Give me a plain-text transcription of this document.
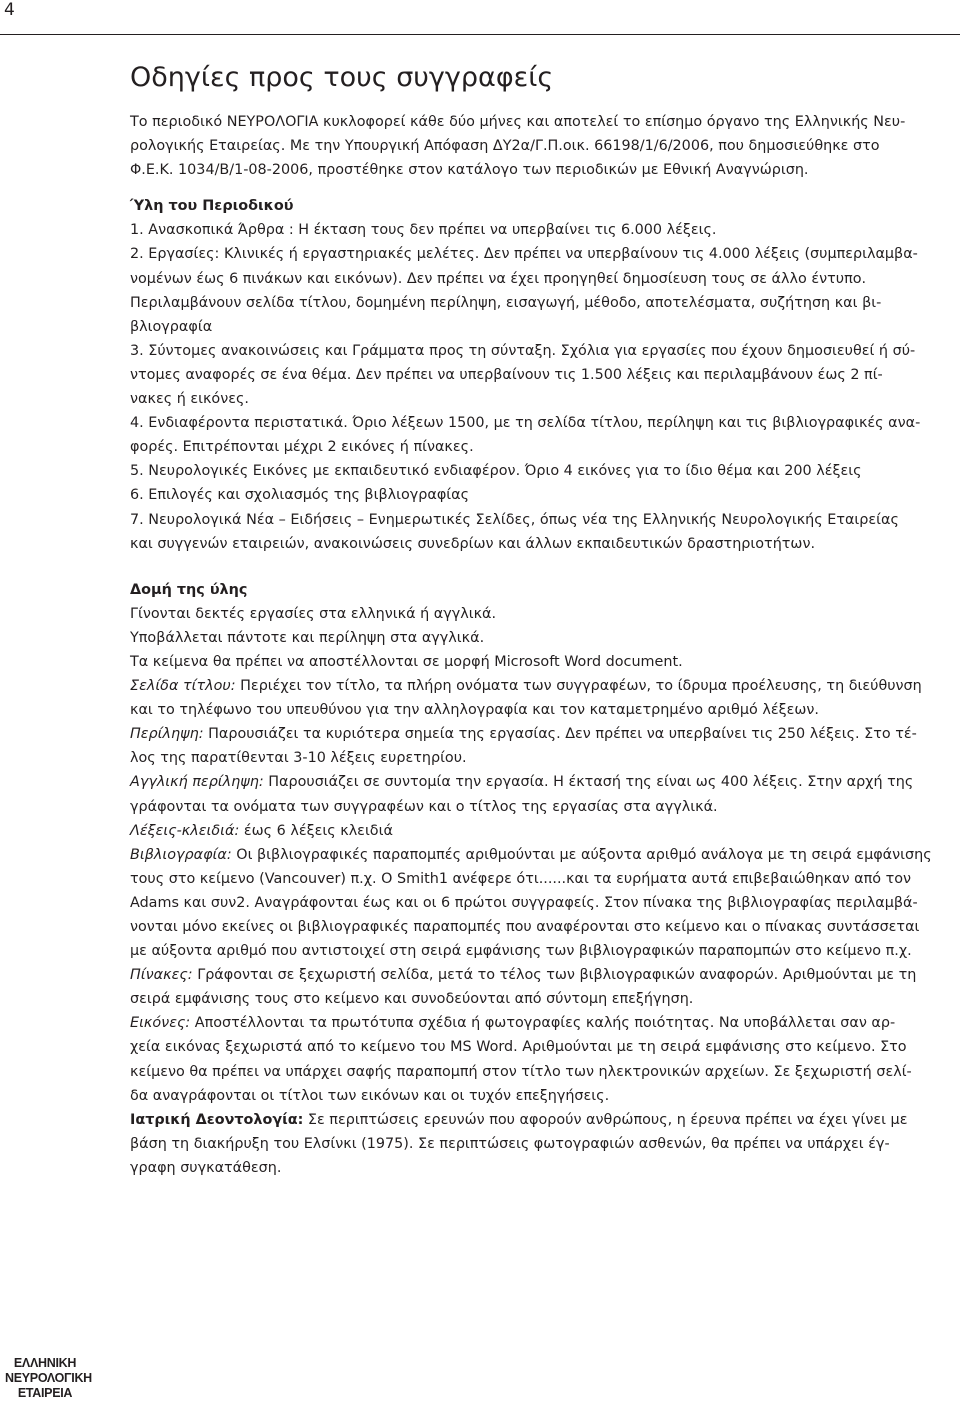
4
Οδηγίες προς τους συγγραφείς

Το περιοδικό ΝΕΥΡΟΛΟΓΙΑ κυκλοφορεί κάθε δύο μήνες και αποτελεί το επίσημο όργανο της Ελληνικής Νευ-
ρολογικής Εταιρείας. Με την Υπουργική Απόφαση ΔΥ2α/Γ.Π.οικ. 66198/1/6/2006, που δημοσιεύθηκε στο
Φ.Ε.Κ. 1034/Β/1-08-2006, προστέθηκε στον κατάλογο των περιοδικών με Εθνική Αναγνώριση.

Ύλη του Περιοδικού
1. Ανασκοπικά Άρθρα : Η έκταση τους δεν πρέπει να υπερβαίνει τις 6.000 λέξεις.
2. Εργασίες: Κλινικές ή εργαστηριακές μελέτες. Δεν πρέπει να υπερβαίνουν τις 4.000 λέξεις (συμπεριλαμβα-
νομένων έως 6 πινάκων και εικόνων). Δεν πρέπει να έχει προηγηθεί δημοσίευση τους σε άλλο έντυπο.
Περιλαμβάνουν σελίδα τίτλου, δομημένη περίληψη, εισαγωγή, μέθοδο, αποτελέσματα, συζήτηση και βι-
βλιογραφία
3. Σύντομες ανακοινώσεις και Γράμματα προς τη σύνταξη. Σχόλια για εργασίες που έχουν δημοσιευθεί ή σύ-
ντομες αναφορές σε ένα θέμα. Δεν πρέπει να υπερβαίνουν τις 1.500 λέξεις και περιλαμβάνουν έως 2 πί-
νακες ή εικόνες.
4. Ενδιαφέροντα περιστατικά. Όριο λέξεων 1500, με τη σελίδα τίτλου, περίληψη και τις βιβλιογραφικές ανα-
φορές. Επιτρέπονται μέχρι 2 εικόνες ή πίνακες.
5. Νευρολογικές Εικόνες με εκπαιδευτικό ενδιαφέρον. Όριο 4 εικόνες για το ίδιο θέμα και 200 λέξεις
6. Επιλογές και σχολιασμός της βιβλιογραφίας
7. Νευρολογικά Νέα – Ειδήσεις – Ενημερωτικές Σελίδες, όπως νέα της Ελληνικής Νευρολογικής Εταιρείας
και συγγενών εταιρειών, ανακοινώσεις συνεδρίων και άλλων εκπαιδευτικών δραστηριοτήτων.

Δομή της ύλης
Γίνονται δεκτές εργασίες στα ελληνικά ή αγγλικά.
Υποβάλλεται πάντοτε και περίληψη στα αγγλικά.
Τα κείμενα θα πρέπει να αποστέλλονται σε μορφή Microsoft Word document.
Σελίδα τίτλου: Περιέχει τον τίτλο, τα πλήρη ονόματα των συγγραφέων, το ίδρυμα προέλευσης, τη διεύθυνση
και το τηλέφωνο του υπευθύνου για την αλληλογραφία και τον καταμετρημένο αριθμό λέξεων.
Περίληψη: Παρουσιάζει τα κυριότερα σημεία της εργασίας. Δεν πρέπει να υπερβαίνει τις 250 λέξεις. Στο τέ-
λος της παρατίθενται 3-10 λέξεις ευρετηρίου.
Αγγλική περίληψη: Παρουσιάζει σε συντομία την εργασία. Η έκτασή της είναι ως 400 λέξεις. Στην αρχή της
γράφονται τα ονόματα των συγγραφέων και ο τίτλος της εργασίας στα αγγλικά.
Λέξεις-κλειδιά: έως 6 λέξεις κλειδιά
Βιβλιογραφία: Οι βιβλιογραφικές παραπομπές αριθμούνται με αύξοντα αριθμό ανάλογα με τη σειρά εμφάνισης
τους στο κείμενο (Vancouver) π.χ. Ο Smith1 ανέφερε ότι......και τα ευρήματα αυτά επιβεβαιώθηκαν από τον
Adams και συν2. Αναγράφονται έως και οι 6 πρώτοι συγγραφείς. Στον πίνακα της βιβλιογραφίας περιλαμβά-
νονται μόνο εκείνες οι βιβλιογραφικές παραπομπές που αναφέρονται στο κείμενο και ο πίνακας συντάσσεται
με αύξοντα αριθμό που αντιστοιχεί στη σειρά εμφάνισης των βιβλιογραφικών παραπομπών στο κείμενο π.χ.
Πίνακες: Γράφονται σε ξεχωριστή σελίδα, μετά το τέλος των βιβλιογραφικών αναφορών. Αριθμούνται με τη
σειρά εμφάνισης τους στο κείμενο και συνοδεύονται από σύντομη επεξήγηση.
Εικόνες: Αποστέλλονται τα πρωτότυπα σχέδια ή φωτογραφίες καλής ποιότητας. Να υποβάλλεται σαν αρ-
χεία εικόνας ξεχωριστά από το κείμενο του MS Word. Αριθμούνται με τη σειρά εμφάνισης στο κείμενο. Στο
κείμενο θα πρέπει να υπάρχει σαφής παραπομπή στον τίτλο των ηλεκτρονικών αρχείων. Σε ξεχωριστή σελί-
δα αναγράφονται οι τίτλοι των εικόνων και οι τυχόν επεξηγήσεις.
Ιατρική Δεοντολογία: Σε περιπτώσεις ερευνών που αφορούν ανθρώπους, η έρευνα πρέπει να έχει γίνει με
βάση τη διακήρυξη του Ελσίνκι (1975). Σε περιπτώσεις φωτογραφιών ασθενών, θα πρέπει να υπάρχει έγ-
γραφη συγκατάθεση.

ΕΛΛΗΝΙΚΗ
ΝΕΥΡΟΛΟΓΙΚΗ
ΕΤΑΙΡΕΙΑ
